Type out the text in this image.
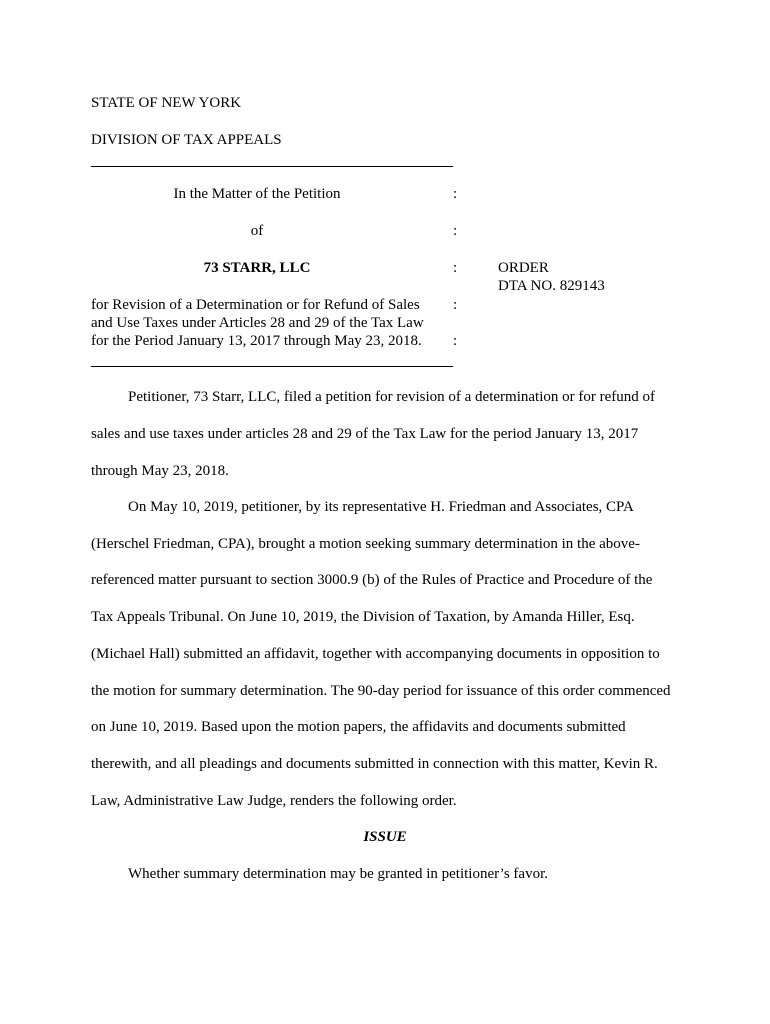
STATE OF NEW YORK
DIVISION OF TAX APPEALS
In the Matter of the Petition	:
of	:
73 STARR, LLC	:	ORDER
DTA NO. 829143
for Revision of a Determination or for Refund of Sales :
and Use Taxes under Articles 28 and 29 of the Tax Law
for the Period January 13, 2017 through May 23, 2018. :
Petitioner, 73 Starr, LLC, filed a petition for revision of a determination or for refund of
sales and use taxes under articles 28 and 29 of the Tax Law for the period January 13, 2017
through May 23, 2018.
On May 10, 2019, petitioner, by its representative H. Friedman and Associates, CPA
(Herschel Friedman, CPA), brought a motion seeking summary determination in the above-
referenced matter pursuant to section 3000.9 (b) of the Rules of Practice and Procedure of the
Tax Appeals Tribunal. On June 10, 2019, the Division of Taxation, by Amanda Hiller, Esq.
(Michael Hall) submitted an affidavit, together with accompanying documents in opposition to
the motion for summary determination. The 90-day period for issuance of this order commenced
on June 10, 2019. Based upon the motion papers, the affidavits and documents submitted
therewith, and all pleadings and documents submitted in connection with this matter, Kevin R.
Law, Administrative Law Judge, renders the following order.
ISSUE
Whether summary determination may be granted in petitioner’s favor.
